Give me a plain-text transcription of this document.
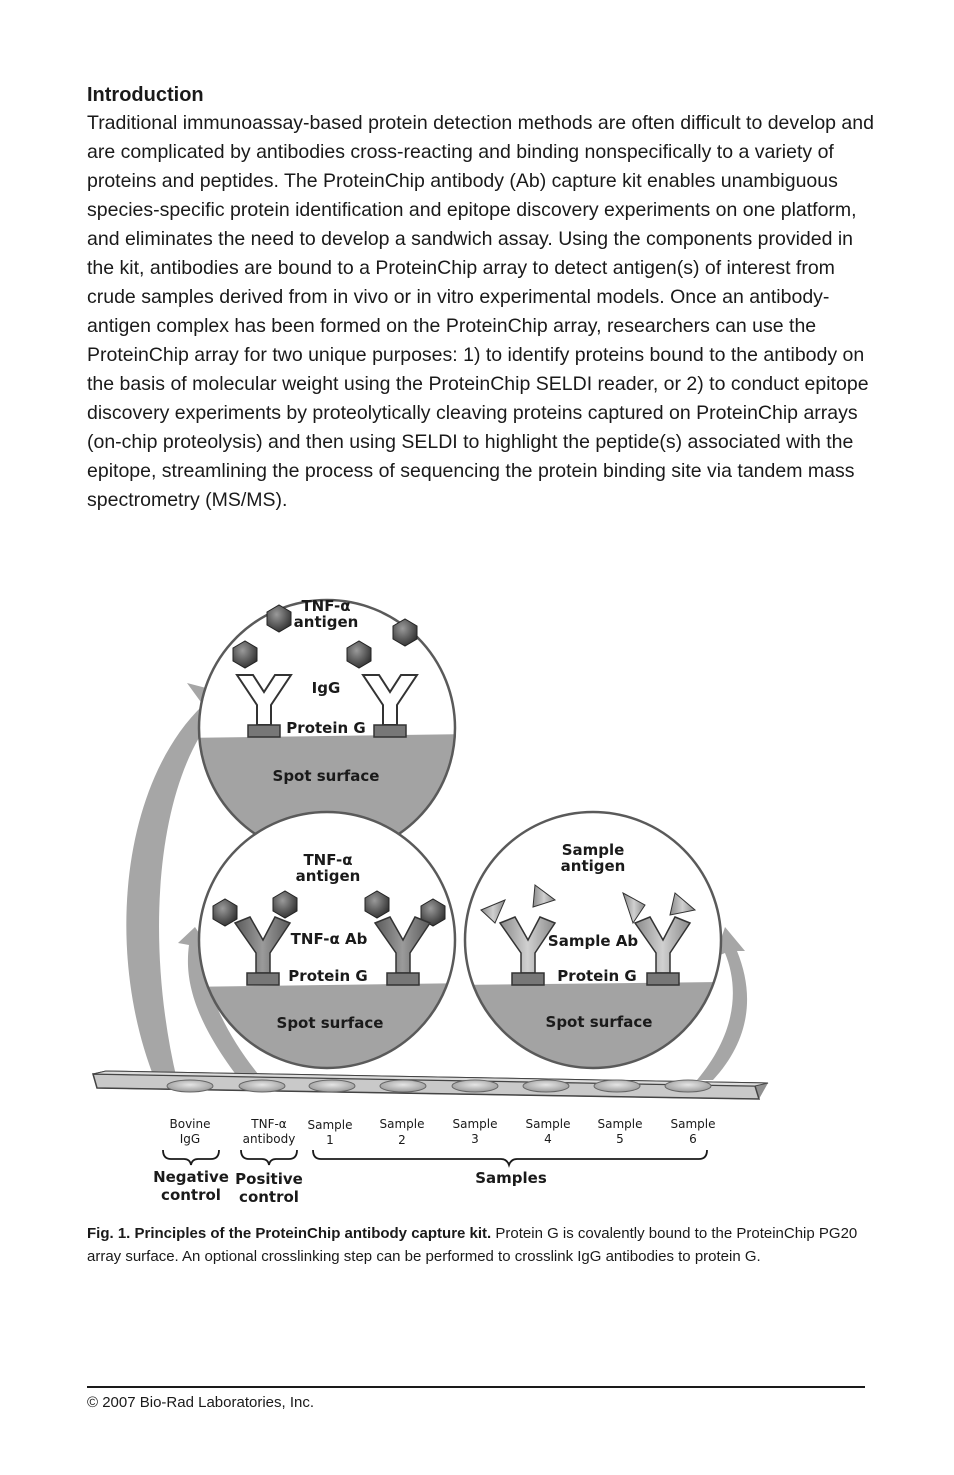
Introduction

Traditional immunoassay-based protein detection methods are often difficult to develop and are complicated by antibodies cross-reacting and binding nonspecifically to a variety of proteins and peptides. The ProteinChip antibody (Ab) capture kit enables unambiguous species-specific protein identification and epitope discovery experiments on one platform, and eliminates the need to develop a sandwich assay. Using the components provided in the kit, antibodies are bound to a ProteinChip array to detect antigen(s) of interest from crude samples derived from in vivo or in vitro experimental models. Once an antibody-antigen complex has been formed on the ProteinChip array, researchers can use the ProteinChip array for two unique purposes: 1) to identify proteins bound to the antibody on the basis of molecular weight using the ProteinChip SELDI reader, or 2) to conduct epitope discovery experiments by proteolytically cleaving proteins captured on ProteinChip arrays (on-chip proteolysis) and then using SELDI to highlight the peptide(s) associated with the epitope, streamlining the process of sequencing the protein binding site via tandem mass spectrometry (MS/MS).

TNF-α
antigen
IgG
Protein G
Spot surface
TNF-α
antigen
TNF-α Ab
Protein G
Spot surface
Sample
antigen
Sample Ab
Protein G
Spot surface
Bovine
IgG
TNF-α
antibody
Sample
1
Sample
2
Sample
3
Sample
4
Sample
5
Sample
6
Negative
control
Positive
control
Samples

Fig. 1. Principles of the ProteinChip antibody capture kit. Protein G is covalently bound to the ProteinChip PG20 array surface. An optional crosslinking step can be performed to crosslink IgG antibodies to protein G.

© 2007 Bio-Rad Laboratories, Inc.
